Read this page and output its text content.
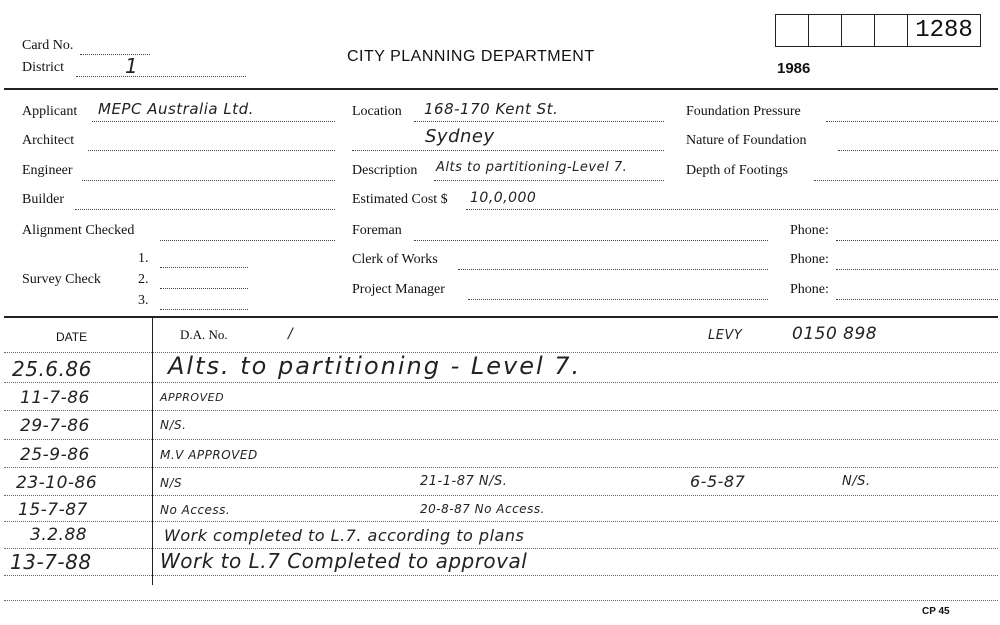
Card No.
District	1	CITY PLANNING DEPARTMENT
1986
1288
Applicant MEPC Australia Ltd.
Architect
Engineer
Builder
Alignment Checked
Survey Check
1.
2.
3.
Location 168-170 Kent St.
Sydney
Description Alts to partitioning-Level 7.
Estimated Cost $ 10,0,000
Foreman	Phone:
Clerk of Works	Phone:
Project Manager	Phone:
Foundation Pressure
Nature of Foundation
Depth of Footings
DATE	D.A. No.	/	LEVY	0150 898
25.6.86	Alts. to partitioning - Level 7.
11-7-86	APPROVED
29-7-86	N/S.
25-9-86	M.V APPROVED
23-10-86	N/S	21-1-87 N/S.	6-5-87	N/S.
15-7-87	No Access.	20-8-87 No Access.
3.2.88	Work completed to L.7. according to plans
13-7-88	Work to L.7 Completed to approval
CP 45
